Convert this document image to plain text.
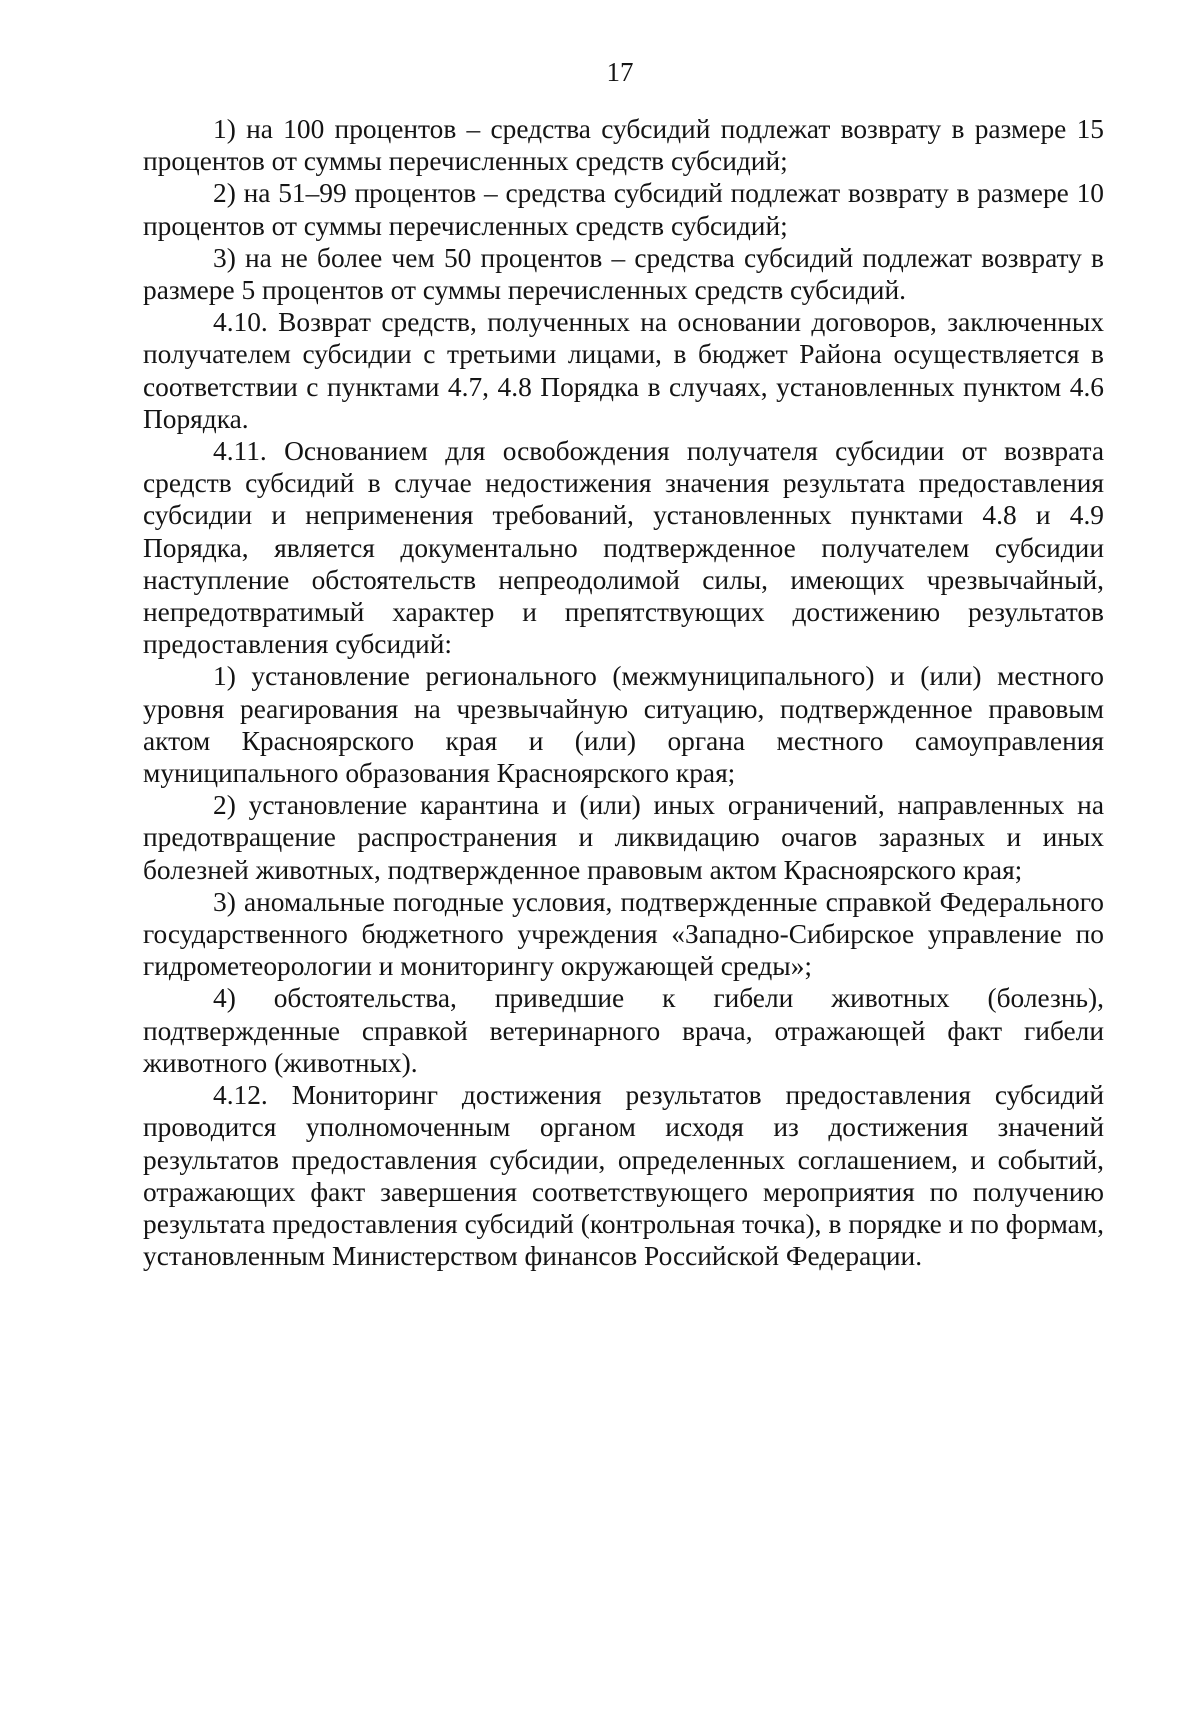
17

1) на 100 процентов – средства субсидий подлежат возврату в размере 15 процентов от суммы перечисленных средств субсидий;

2) на 51–99 процентов – средства субсидий подлежат возврату в размере 10 процентов от суммы перечисленных средств субсидий;

3) на не более чем 50 процентов – средства субсидий подлежат возврату в размере 5 процентов от суммы перечисленных средств субсидий.

4.10. Возврат средств, полученных на основании договоров, заключенных получателем субсидии с третьими лицами, в бюджет Района осуществляется в соответствии с пунктами 4.7, 4.8 Порядка в случаях, установленных пунктом 4.6 Порядка.

4.11. Основанием для освобождения получателя субсидии от возврата средств субсидий в случае недостижения значения результата предоставления субсидии и неприменения требований, установленных пунктами 4.8 и 4.9 Порядка, является документально подтвержденное получателем субсидии наступление обстоятельств непреодолимой силы, имеющих чрезвычайный, непредотвратимый характер и препятствующих достижению результатов предоставления субсидий:

1) установление регионального (межмуниципального) и (или) местного уровня реагирования на чрезвычайную ситуацию, подтвержденное правовым актом Красноярского края и (или) органа местного самоуправления муниципального образования Красноярского края;

2) установление карантина и (или) иных ограничений, направленных на предотвращение распространения и ликвидацию очагов заразных и иных болезней животных, подтвержденное правовым актом Красноярского края;

3) аномальные погодные условия, подтвержденные справкой Федерального государственного бюджетного учреждения «Западно-Сибирское управление по гидрометеорологии и мониторингу окружающей среды»;

4) обстоятельства, приведшие к гибели животных (болезнь), подтвержденные справкой ветеринарного врача, отражающей факт гибели животного (животных).

4.12. Мониторинг достижения результатов предоставления субсидий проводится уполномоченным органом исходя из достижения значений результатов предоставления субсидии, определенных соглашением, и событий, отражающих факт завершения соответствующего мероприятия по получению результата предоставления субсидий (контрольная точка), в порядке и по формам, установленным Министерством финансов Российской Федерации.
